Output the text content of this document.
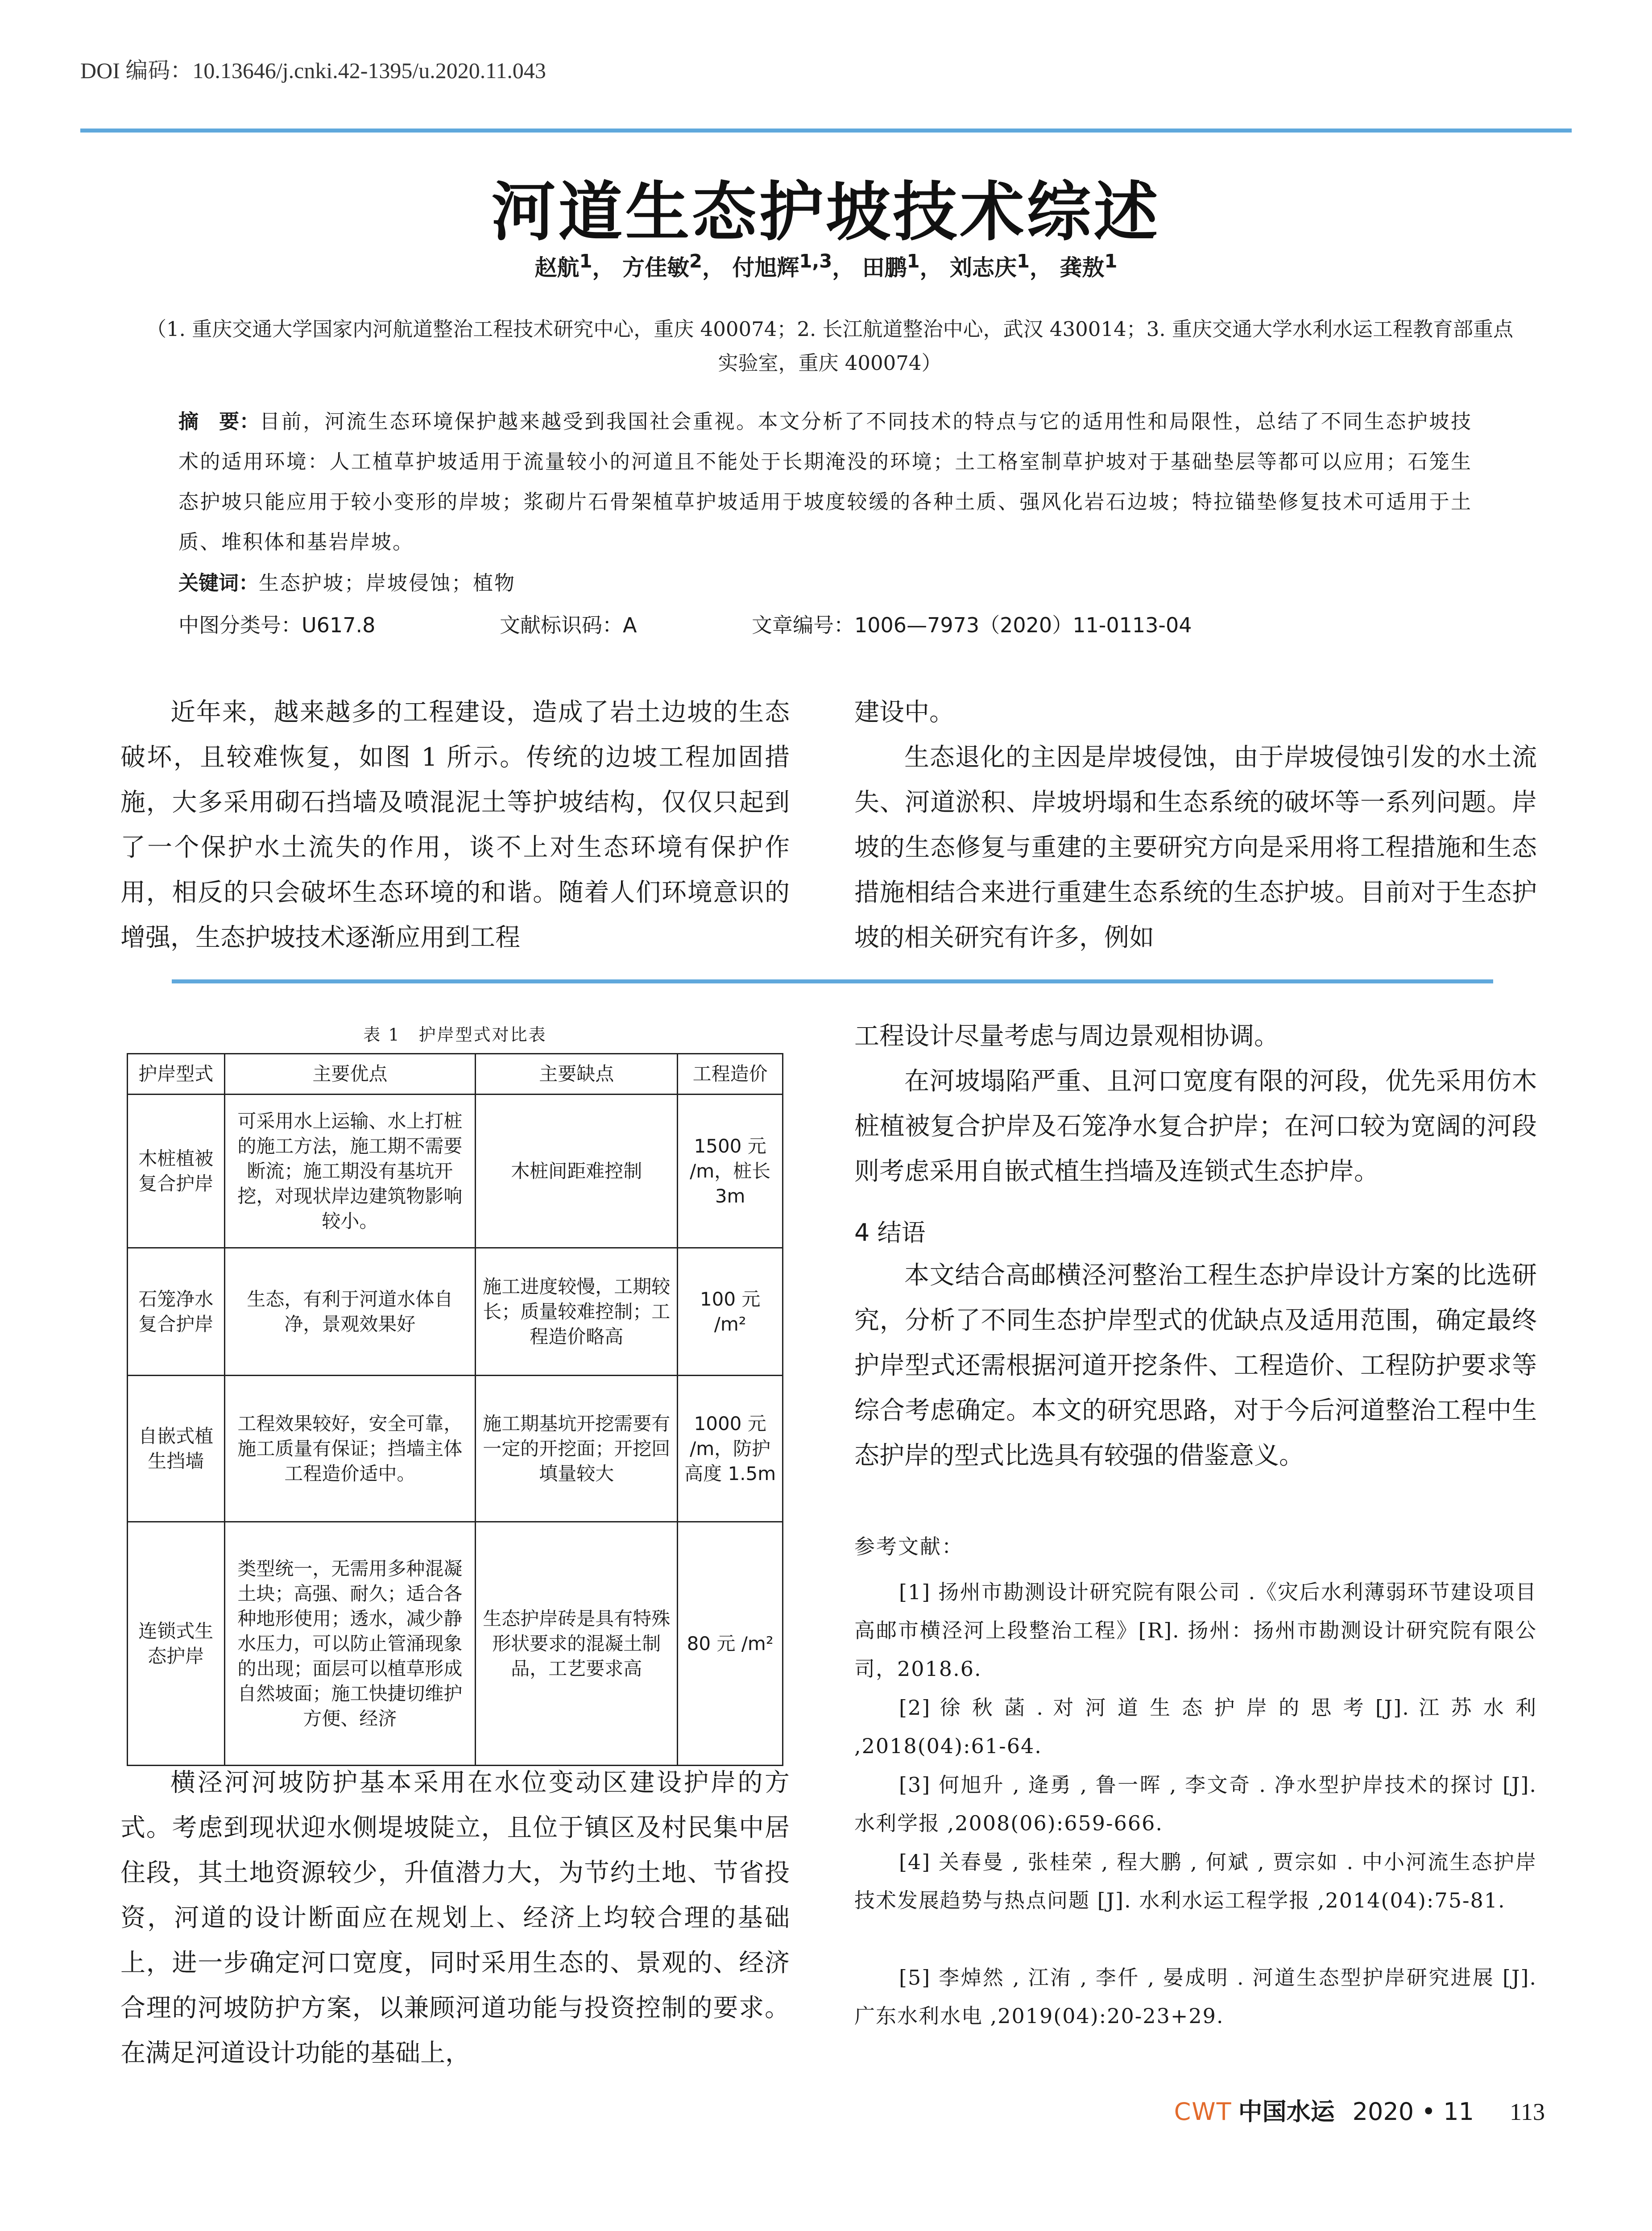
DOI 编码：10.13646/j.cnki.42-1395/u.2020.11.043
河道生态护坡技术综述
赵航$^1$， 方佳敏$^2$， 付旭辉$^{1,3}$， 田鹏$^1$， 刘志庆$^1$， 龚敖$^1$
（1. 重庆交通大学国家内河航道整治工程技术研究中心，重庆 400074；2. 长江航道整治中心，武汉 430014；3. 重庆交通大学水利水运工程教育部重点实验室，重庆 400074）
摘　要：目前，河流生态环境保护越来越受到我国社会重视。本文分析了不同技术的特点与它的适用性和局限性，总结了不同生态护坡技术的适用环境：人工植草护坡适用于流量较小的河道且不能处于长期淹没的环境；土工格室制草护坡对于基础垫层等都可以应用；石笼生态护坡只能应用于较小变形的岸坡；浆砌片石骨架植草护坡适用于坡度较缓的各种土质、强风化岩石边坡；特拉锚垫修复技术可适用于土质、堆积体和基岩岸坡。
关键词：生态护坡；岸坡侵蚀；植物
中图分类号：U617.8	文献标识码：A	文章编号：1006—7973（2020）11-0113-04

近年来，越来越多的工程建设，造成了岩土边坡的生态破坏，且较难恢复，如图 1 所示。传统的边坡工程加固措施，大多采用砌石挡墙及喷混泥土等护坡结构，仅仅只起到了一个保护水土流失的作用，谈不上对生态环境有保护作用，相反的只会破坏生态环境的和谐。随着人们环境意识的增强，生态护坡技术逐渐应用到工程

建设中。

生态退化的主因是岸坡侵蚀，由于岸坡侵蚀引发的水土流失、河道淤积、岸坡坍塌和生态系统的破坏等一系列问题。岸坡的生态修复与重建的主要研究方向是采用将工程措施和生态措施相结合来进行重建生态系统的生态护坡。目前对于生态护坡的相关研究有许多，例如

表 1　护岸型式对比表
护岸型式	主要优点	主要缺点	工程造价
木桩植被复合护岸	可采用水上运输、水上打桩的施工方法，施工期不需要断流；施工期没有基坑开挖，对现状岸边建筑物影响较小。	木桩间距难控制	1500 元 /m，桩长 3m
石笼净水复合护岸	生态，有利于河道水体自净，景观效果好	施工进度较慢，工期较长；质量较难控制；工程造价略高	100 元 /m²
自嵌式植生挡墙	工程效果较好，安全可靠，施工质量有保证；挡墙主体工程造价适中。	施工期基坑开挖需要有一定的开挖面；开挖回填量较大	1000 元 /m，防护高度 1.5m
连锁式生态护岸	类型统一，无需用多种混凝土块；高强、耐久；适合各种地形使用；透水，减少静水压力，可以防止管涌现象的出现；面层可以植草形成自然坡面；施工快捷切维护方便、经济	生态护岸砖是具有特殊形状要求的混凝土制品，工艺要求高	80 元 /m²

横泾河河坡防护基本采用在水位变动区建设护岸的方式。考虑到现状迎水侧堤坡陡立，且位于镇区及村民集中居住段，其土地资源较少，升值潜力大，为节约土地、节省投资，河道的设计断面应在规划上、经济上均较合理的基础上，进一步确定河口宽度，同时采用生态的、景观的、经济合理的河坡防护方案，以兼顾河道功能与投资控制的要求。在满足河道设计功能的基础上，

工程设计尽量考虑与周边景观相协调。

在河坡塌陷严重、且河口宽度有限的河段，优先采用仿木桩植被复合护岸及石笼净水复合护岸；在河口较为宽阔的河段则考虑采用自嵌式植生挡墙及连锁式生态护岸。

4 结语

本文结合高邮横泾河整治工程生态护岸设计方案的比选研究，分析了不同生态护岸型式的优缺点及适用范围，确定最终护岸型式还需根据河道开挖条件、工程造价、工程防护要求等综合考虑确定。本文的研究思路，对于今后河道整治工程中生态护岸的型式比选具有较强的借鉴意义。

参考文献：

[1] 扬州市勘测设计研究院有限公司 .《灾后水利薄弱环节建设项目高邮市横泾河上段整治工程》[R]. 扬州：扬州市勘测设计研究院有限公司，2018.6.

[2] 徐 秋 菡 . 对 河 道 生 态 护 岸 的 思 考 [J]. 江 苏 水 利 ,2018(04):61-64.

[3] 何旭升 , 逄勇 , 鲁一晖 , 李文奇 . 净水型护岸技术的探讨 [J]. 水利学报 ,2008(06):659-666.

[4] 关春曼 , 张桂荣 , 程大鹏 , 何斌 , 贾宗如 . 中小河流生态护岸技术发展趋势与热点问题 [J]. 水利水运工程学报 ,2014(04):75-81.

[5] 李焯然 , 江洧 , 李仟 , 晏成明 . 河道生态型护岸研究进展 [J]. 广东水利水电 ,2019(04):20-23+29.

CWT 中国水运 2020 • 11 113
